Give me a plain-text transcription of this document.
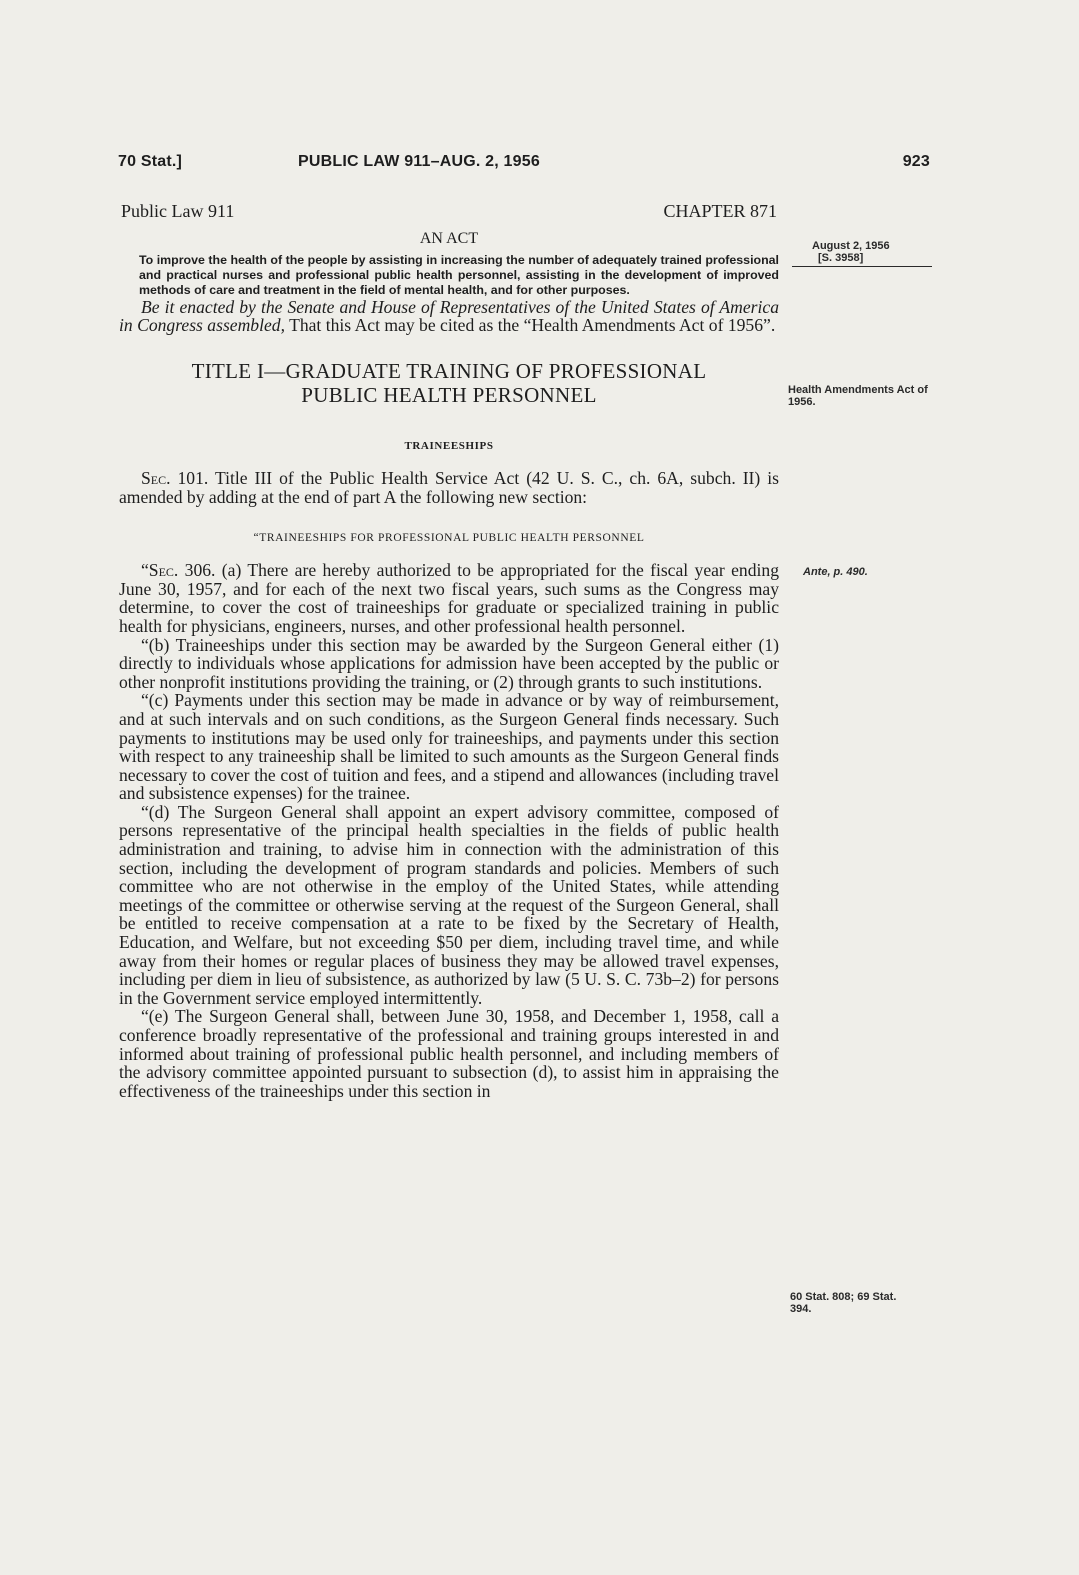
70 Stat.]	PUBLIC LAW 911–AUG. 2, 1956	923
Public Law 911	CHAPTER 871
AN ACT

To improve the health of the people by assisting in increasing the number of adequately trained professional and practical nurses and professional public health personnel, assisting in the development of improved methods of care and treatment in the field of mental health, and for other purposes.

Be it enacted by the Senate and House of Representatives of the United States of America in Congress assembled, That this Act may be cited as the “Health Amendments Act of 1956”.

TITLE I—GRADUATE TRAINING OF PROFESSIONAL
PUBLIC HEALTH PERSONNEL
TRAINEESHIPS

Sec. 101. Title III of the Public Health Service Act (42 U. S. C., ch. 6A, subch. II) is amended by adding at the end of part A the following new section:

“TRAINEESHIPS FOR PROFESSIONAL PUBLIC HEALTH PERSONNEL

“Sec. 306. (a) There are hereby authorized to be appropriated for the fiscal year ending June 30, 1957, and for each of the next two fiscal years, such sums as the Congress may determine, to cover the cost of traineeships for graduate or specialized training in public health for physicians, engineers, nurses, and other professional health personnel.

“(b) Traineeships under this section may be awarded by the Surgeon General either (1) directly to individuals whose applications for admission have been accepted by the public or other nonprofit institutions providing the training, or (2) through grants to such institutions.

“(c) Payments under this section may be made in advance or by way of reimbursement, and at such intervals and on such conditions, as the Surgeon General finds necessary. Such payments to institutions may be used only for traineeships, and payments under this section with respect to any traineeship shall be limited to such amounts as the Surgeon General finds necessary to cover the cost of tuition and fees, and a stipend and allowances (including travel and subsistence expenses) for the trainee.

“(d) The Surgeon General shall appoint an expert advisory committee, composed of persons representative of the principal health specialties in the fields of public health administration and training, to advise him in connection with the administration of this section, including the development of program standards and policies. Members of such committee who are not otherwise in the employ of the United States, while attending meetings of the committee or otherwise serving at the request of the Surgeon General, shall be entitled to receive compensation at a rate to be fixed by the Secretary of Health, Education, and Welfare, but not exceeding $50 per diem, including travel time, and while away from their homes or regular places of business they may be allowed travel expenses, including per diem in lieu of subsistence, as authorized by law (5 U. S. C. 73b–2) for persons in the Government service employed intermittently.

“(e) The Surgeon General shall, between June 30, 1958, and December 1, 1958, call a conference broadly representative of the professional and training groups interested in and informed about training of professional public health personnel, and including members of the advisory committee appointed pursuant to subsection (d), to assist him in appraising the effectiveness of the traineeships under this section in

August 2, 1956
[S. 3958]
Health Amendments Act of 1956.
Ante, p. 490.
60 Stat. 808; 69 Stat. 394.
